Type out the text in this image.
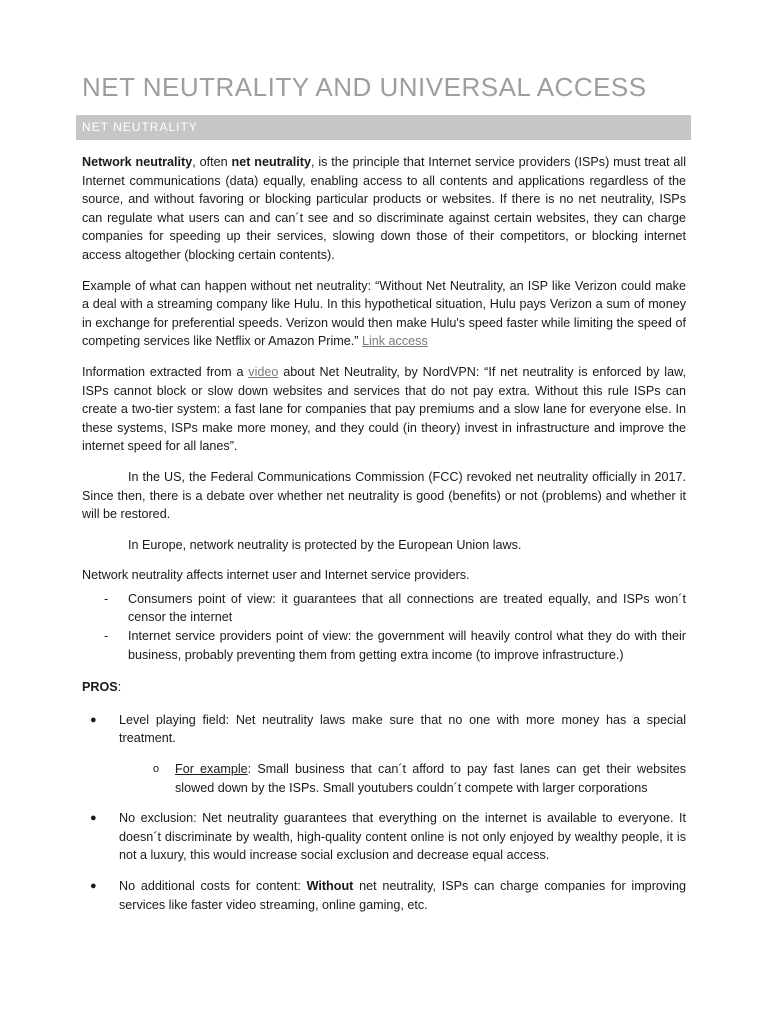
NET NEUTRALITY AND UNIVERSAL ACCESS
NET NEUTRALITY

Network neutrality, often net neutrality, is the principle that Internet service providers (ISPs) must treat all Internet communications (data) equally, enabling access to all contents and applications regardless of the source, and without favoring or blocking particular products or websites. If there is no net neutrality, ISPs can regulate what users can and can´t see and so discriminate against certain websites, they can charge companies for speeding up their services, slowing down those of their competitors, or blocking internet access altogether (blocking certain contents).

Example of what can happen without net neutrality: “Without Net Neutrality, an ISP like Verizon could make a deal with a streaming company like Hulu. In this hypothetical situation, Hulu pays Verizon a sum of money in exchange for preferential speeds. Verizon would then make Hulu's speed faster while limiting the speed of competing services like Netflix or Amazon Prime.” Link access

Information extracted from a video about Net Neutrality, by NordVPN: “If net neutrality is enforced by law, ISPs cannot block or slow down websites and services that do not pay extra. Without this rule ISPs can create a two-tier system: a fast lane for companies that pay premiums and a slow lane for everyone else. In these systems, ISPs make more money, and they could (in theory) invest in infrastructure and improve the internet speed for all lanes”.

In the US, the Federal Communications Commission (FCC) revoked net neutrality officially in 2017. Since then, there is a debate over whether net neutrality is good (benefits) or not (problems) and whether it will be restored.

In Europe, network neutrality is protected by the European Union laws.

Network neutrality affects internet user and Internet service providers.

- Consumers point of view: it guarantees that all connections are treated equally, and ISPs won´t censor the internet
- Internet service providers point of view: the government will heavily control what they do with their business, probably preventing them from getting extra income (to improve infrastructure.)

PROS:

● Level playing field: Net neutrality laws make sure that no one with more money has a special treatment.
o For example: Small business that can´t afford to pay fast lanes can get their websites slowed down by the ISPs. Small youtubers couldn´t compete with larger corporations
● No exclusion: Net neutrality guarantees that everything on the internet is available to everyone. It doesn´t discriminate by wealth, high-quality content online is not only enjoyed by wealthy people, it is not a luxury, this would increase social exclusion and decrease equal access.
● No additional costs for content: Without net neutrality, ISPs can charge companies for improving services like faster video streaming, online gaming, etc.
